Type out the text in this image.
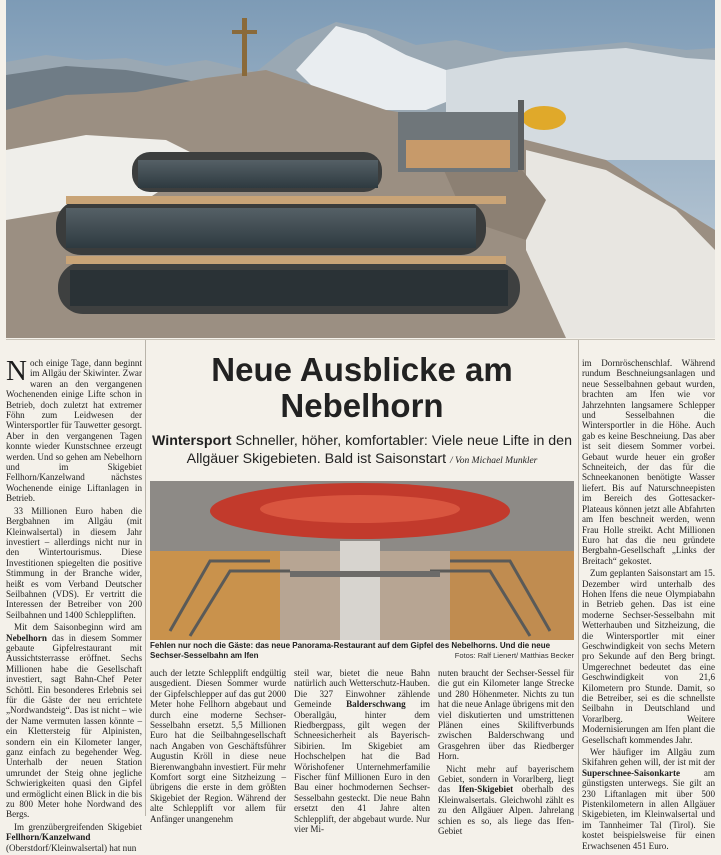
Noch einige Tage, dann beginnt im Allgäu der Skiwinter. Zwar waren an den vergangenen Wochenenden einige Lifte schon in Betrieb, doch zuletzt hat extremer Föhn zum Leidwesen der Wintersportler für Tauwetter gesorgt. Aber in den vergangenen Tagen konnte wieder Kunstschnee erzeugt werden. Und so gehen am Nebelhorn und im Skigebiet Fellhorn/Kanzelwand nächstes Wochenende einige Liftanlagen in Betrieb.

33 Millionen Euro haben die Bergbahnen im Allgäu (mit Kleinwalsertal) in diesem Jahr investiert – allerdings nicht nur in den Wintertourismus. Diese Investitionen spiegelten die positive Stimmung in der Branche wider, heißt es vom Verband Deutscher Seilbahnen (VDS). Er vertritt die Interessen der Betreiber von 200 Seilbahnen und 1400 Schleppliften.

Mit dem Saisonbeginn wird am Nebelhorn das in diesem Sommer gebaute Gipfelrestaurant mit Aussichtsterrasse eröffnet. Sechs Millionen habe die Gesellschaft investiert, sagt Bahn-Chef Peter Schöttl. Ein besonderes Erlebnis sei für die Gäste der neu errichtete „Nordwandsteig“. Das ist nicht – wie der Name vermuten lassen könnte – ein Klettersteig für Alpinisten, sondern ein ein Kilometer langer, ganz einfach zu begehender Weg. Unterhalb der neuen Station umrundet der Steig ohne jegliche Schwierigkeiten quasi den Gipfel und ermöglicht einen Blick in die bis zu 800 Meter hohe Nordwand des Bergs.

Im grenzübergreifenden Skigebiet Fellhorn/Kanzelwand (Oberstdorf/Kleinwalsertal) hat nun

Neue Ausblicke am Nebelhorn
Wintersport Schneller, höher, komfortabler: Viele neue Lifte in den Allgäuer Skigebieten. Bald ist Saisonstart / Von Michael Munkler
Fehlen nur noch die Gäste: das neue Panorama-Restaurant auf dem Gipfel des Nebelhorns. Und die neue Sechser-Sesselbahn am Ifen	Fotos: Ralf Lienert/ Matthias Becker

auch der letzte Schlepplift endgültig ausgedient. Diesen Sommer wurde der Gipfelschlepper auf das gut 2000 Meter hohe Fellhorn abgebaut und durch eine moderne Sechser-Sesselbahn ersetzt. 5,5 Millionen Euro hat die Seilbahngesellschaft nach Angaben von Geschäftsführer Augustin Kröll in diese neue Bierenwangbahn investiert. Für mehr Komfort sorgt eine Sitzheizung – übrigens die erste in dem größten Skigebiet der Region. Während der alte Schlepplift vor allem für Anfänger unangenehm

steil war, bietet die neue Bahn natürlich auch Wetterschutz-Hauben. Die 327 Einwohner zählende Gemeinde Balderschwang im Oberallgäu, hinter dem Riedbergpass, gilt wegen der Schneesicherheit als Bayerisch-Sibirien. Im Skigebiet am Hochschelpen hat die Bad Wörishofener Unternehmerfamilie Fischer fünf Millionen Euro in den Bau einer hochmodernen Sechser-Sesselbahn gesteckt. Die neue Bahn ersetzt den 41 Jahre alten Schlepplift, der abgebaut wurde. Nur vier Mi-

nuten braucht der Sechser-Sessel für die gut ein Kilometer lange Strecke und 280 Höhenmeter. Nichts zu tun hat die neue Anlage übrigens mit den viel diskutierten und umstrittenen Plänen eines Skiliftverbunds zwischen Balderschwang und Grasgehren über das Riedberger Horn.

Nicht mehr auf bayerischem Gebiet, sondern in Vorarlberg, liegt das Ifen-Skigebiet oberhalb des Kleinwalsertals. Gleichwohl zählt es zu den Allgäuer Alpen. Jahrelang schien es so, als liege das Ifen-Gebiet

im Dornröschenschlaf. Während rundum Beschneiungsanlagen und neue Sesselbahnen gebaut wurden, brachten am Ifen wie vor Jahrzehnten langsamere Schlepper und Sesselbahnen die Wintersportler in die Höhe. Auch gab es keine Beschneiung. Das aber ist seit diesem Sommer vorbei. Gebaut wurde heuer ein großer Schneiteich, der das für die Schneekanonen benötigte Wasser liefert. Bis auf Naturschneepisten im Bereich des Gottesacker-Plateaus können jetzt alle Abfahrten am Ifen beschneit werden, wenn Frau Holle streikt. Acht Millionen Euro hat das die neu gründete Bergbahn-Gesellschaft „Links der Breitach“ gekostet.

Zum geplanten Saisonstart am 15. Dezember wird unterhalb des Hohen Ifens die neue Olympiabahn in Betrieb gehen. Das ist eine moderne Sechser-Sesselbahn mit Wetterhauben und Sitzheizung, die die Wintersportler mit einer Geschwindigkeit von sechs Metern pro Sekunde auf den Berg bringt. Umgerechnet bedeutet das eine Geschwindigkeit von 21,6 Kilometern pro Stunde. Damit, so die Betreiber, sei es die schnellste Seilbahn in Deutschland und Vorarlberg. Weitere Modernisierungen am Ifen plant die Gesellschaft kommendes Jahr.

Wer häufiger im Allgäu zum Skifahren gehen will, der ist mit der Superschnee-Saisonkarte am günstigsten unterwegs. Sie gilt an 230 Liftanlagen mit über 500 Pistenkilometern in allen Allgäuer Skigebieten, im Kleinwalsertal und im Tannheimer Tal (Tirol). Sie kostet beispielsweise für einen Erwachsenen 451 Euro.
